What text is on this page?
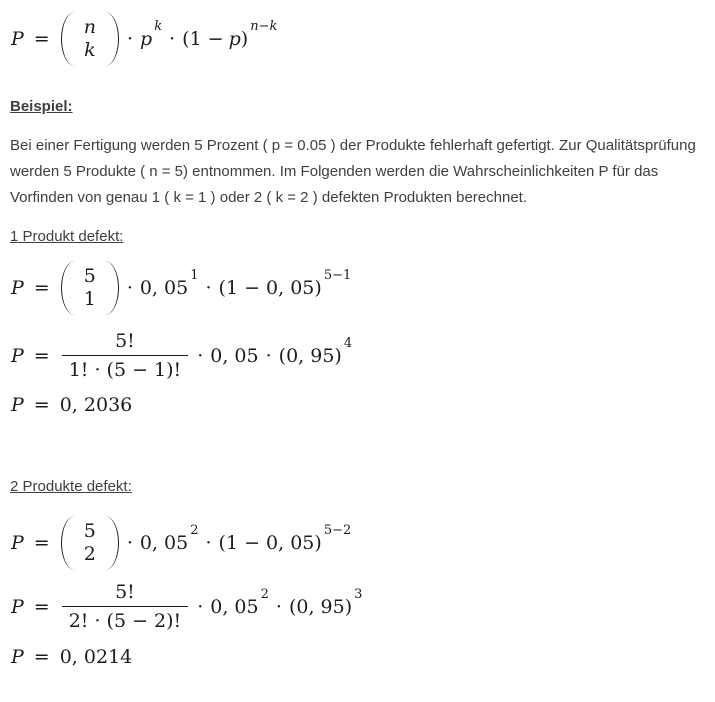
P =
n
$k \cdot p^k$
· $(1 - p)^{n-k}$
Beispiel:
Bei einer Fertigung werden 5 Prozent ( p = 0.05 ) der Produkte fehlerhaft gefertigt. Zur Qualitätsprüfung werden 5 Produkte ( n = 5) entnommen. Im Folgenden werden die Wahrscheinlichkeiten P für das Vorfinden von genau 1 ( k = 1 ) oder 2 ( k = 2 ) defekten Produkten berechnet.
1 Produkt defekt:
P =
5
1 · 0, $05^1$
· (1 − 0, 05)$^{5-1}$
$P = \frac{5!}{1! \cdot (5 - 1)!} \cdot 0$, 05 · (0, 95)$^4$
P = 0, 2036
2 Produkte defekt:
P =
5
2 · 0, $05^2$
· (1 − 0, 05)$^{5-2}$
$P = \frac{5!}{2! \cdot (5 - 2)!} \cdot 0$, $05^2$
· (0, 95)$^3$
P = 0, 0214
